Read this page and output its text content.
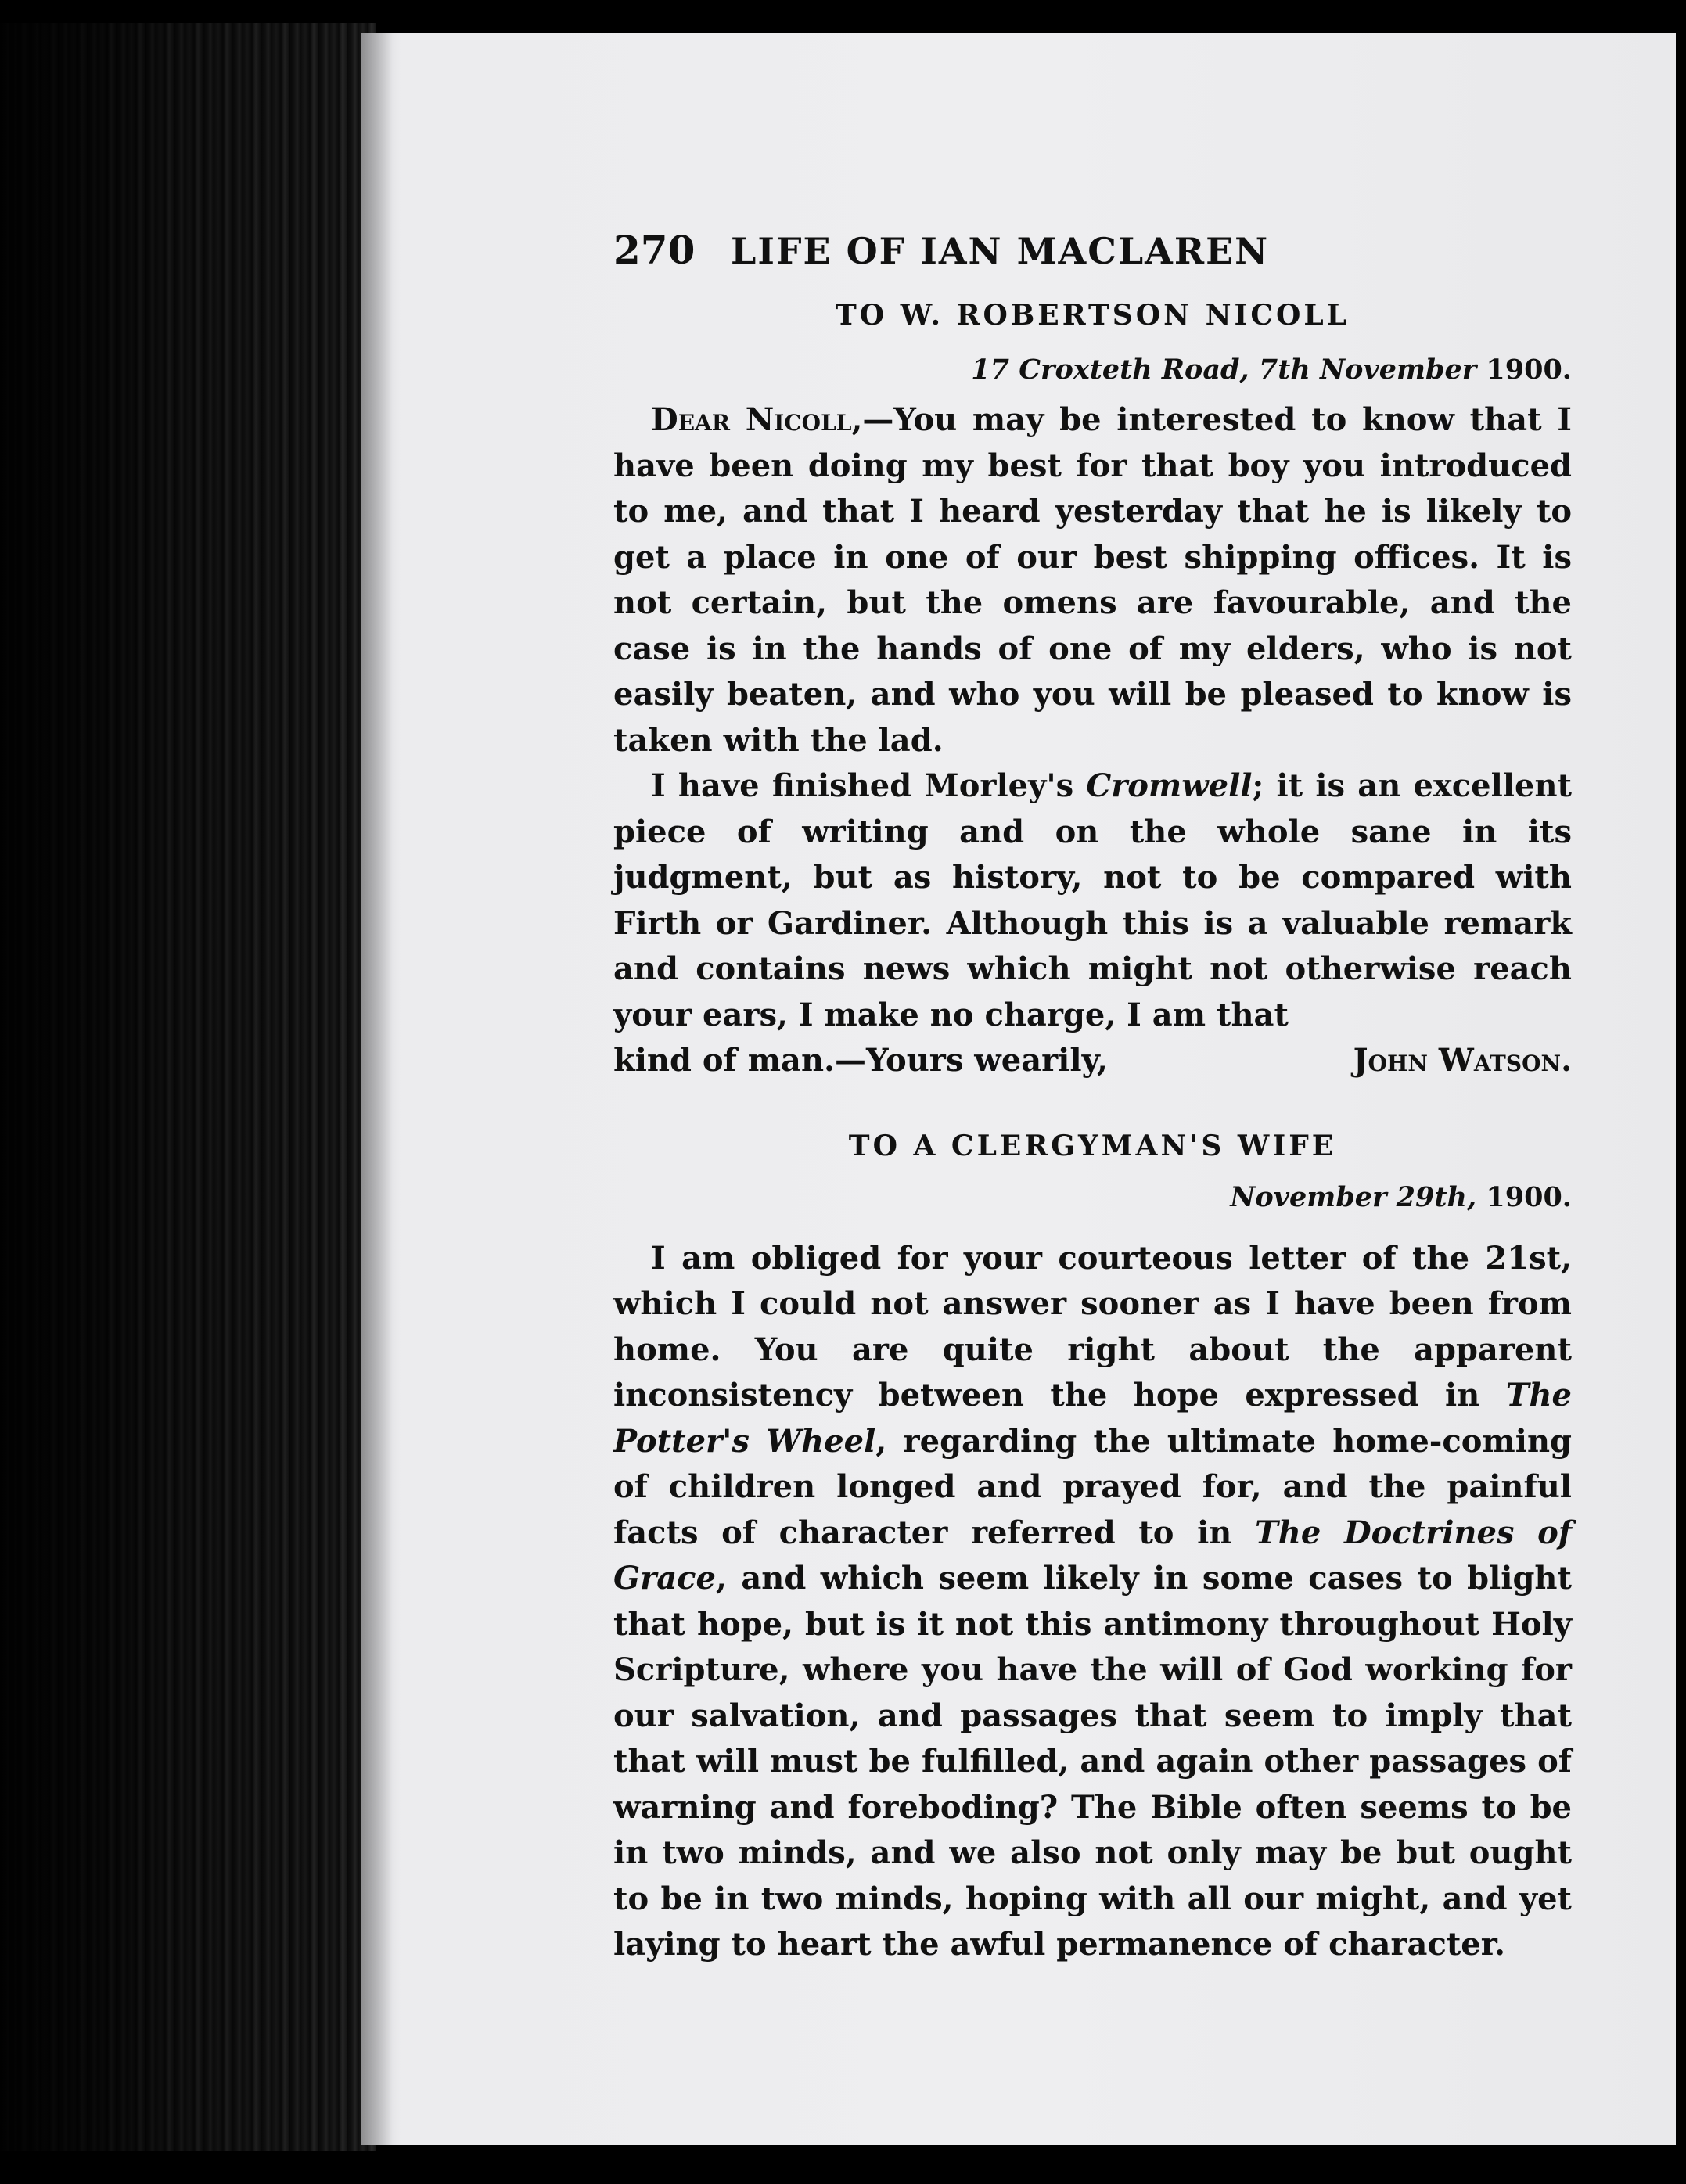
270 LIFE OF IAN MACLAREN
TO W. ROBERTSON NICOLL
17 Croxteth Road, 7th November 1900.

Dear Nicoll,—You may be interested to know that I have been doing my best for that boy you introduced to me, and that I heard yesterday that he is likely to get a place in one of our best shipping offices. It is not certain, but the omens are favourable, and the case is in the hands of one of my elders, who is not easily beaten, and who you will be pleased to know is taken with the lad.

I have finished Morley's Cromwell; it is an excellent piece of writing and on the whole sane in its judgment, but as history, not to be compared with Firth or Gardiner. Although this is a valuable remark and contains news which might not otherwise reach your ears, I make no charge, I am that

kind of man.—Yours wearily,	John Watson.
TO A CLERGYMAN'S WIFE
November 29th, 1900.

I am obliged for your courteous letter of the 21st, which I could not answer sooner as I have been from home. You are quite right about the apparent inconsistency between the hope expressed in The Potter's Wheel, regarding the ultimate home-coming of children longed and prayed for, and the painful facts of character referred to in The Doctrines of Grace, and which seem likely in some cases to blight that hope, but is it not this antimony throughout Holy Scripture, where you have the will of God working for our salvation, and passages that seem to imply that that will must be fulfilled, and again other passages of warning and foreboding? The Bible often seems to be in two minds, and we also not only may be but ought to be in two minds, hoping with all our might, and yet laying to heart the awful permanence of character.
